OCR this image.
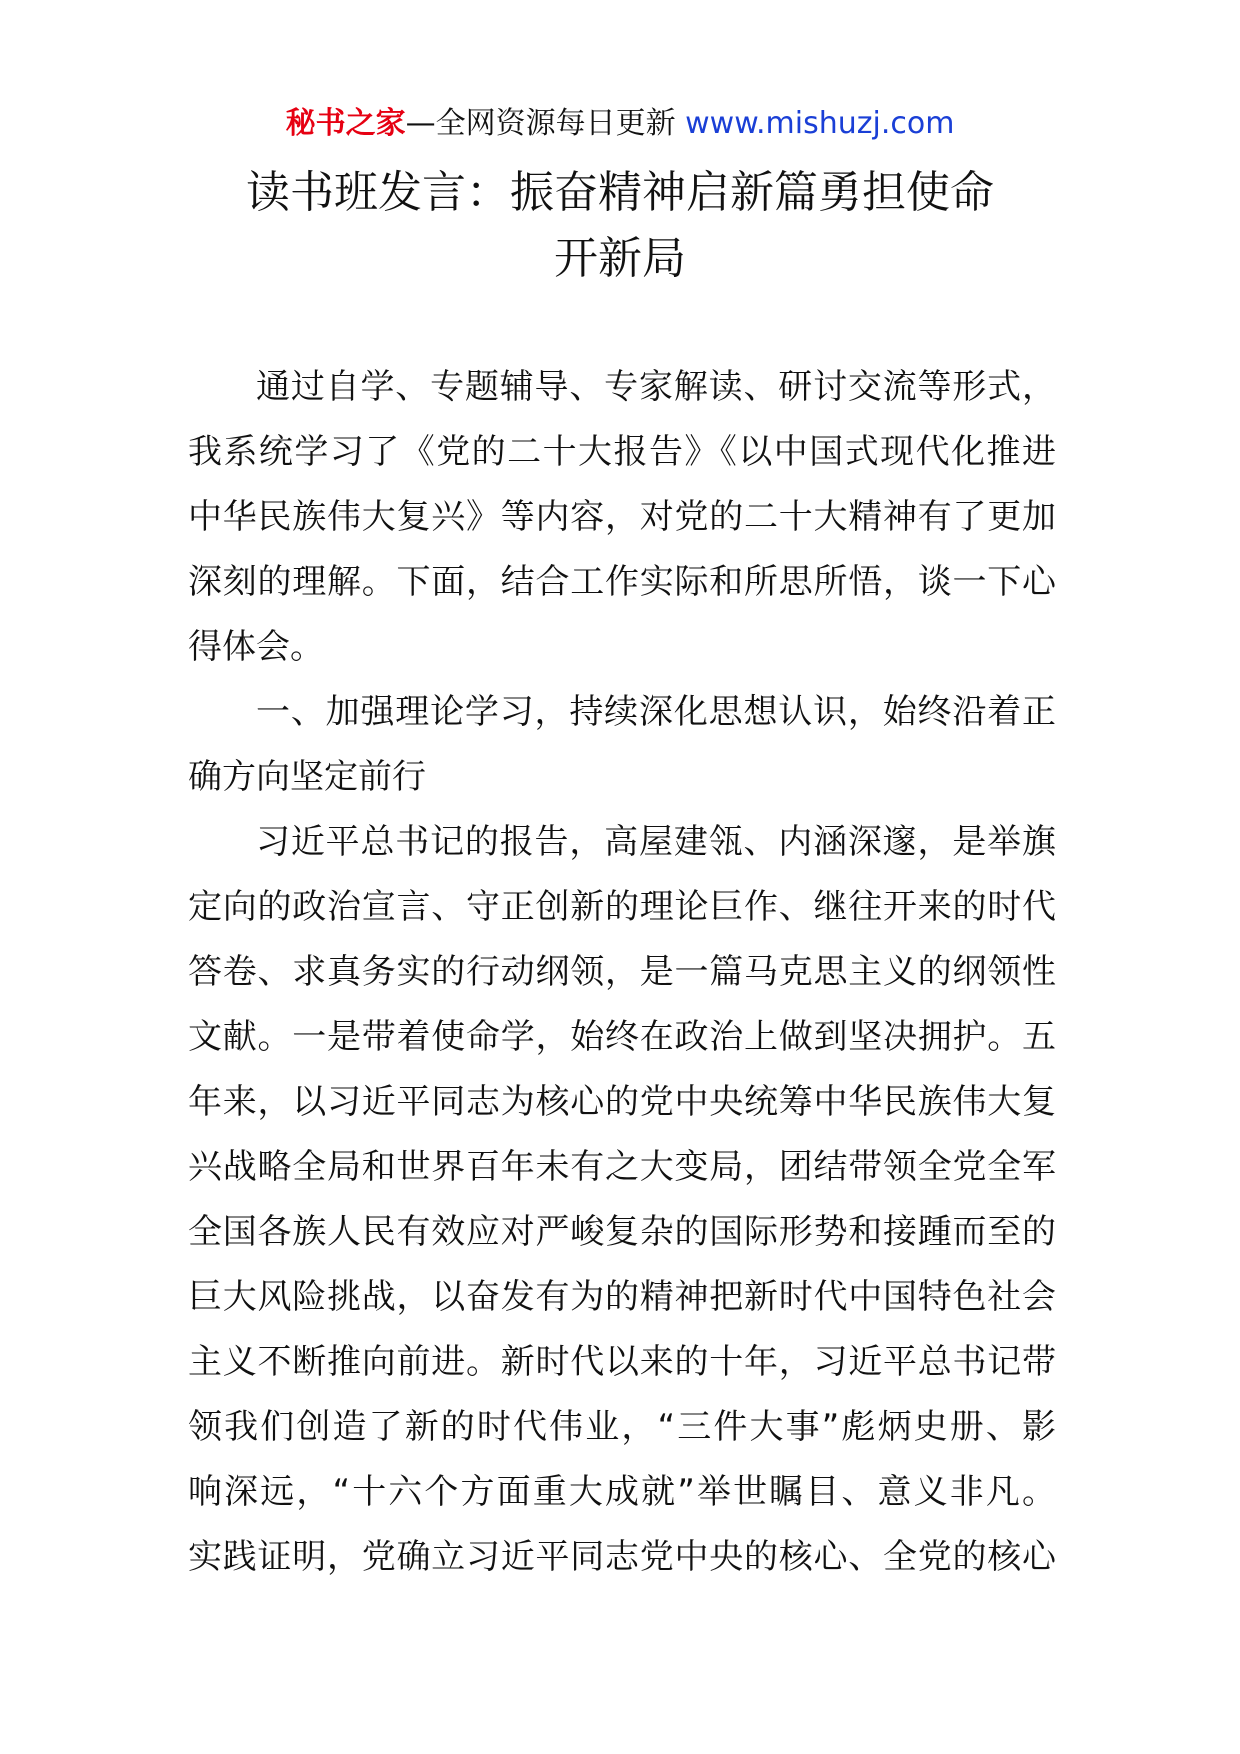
秘书之家—全网资源每日更新 www.mishuzj.com
读书班发言：振奋精神启新篇勇担使命
开新局
通过自学、专题辅导、专家解读、研讨交流等形式，
我系统学习了《党的二十大报告》《以中国式现代化推进
中华民族伟大复兴》等内容，对党的二十大精神有了更加
深刻的理解。下面，结合工作实际和所思所悟，谈一下心
得体会。
一、加强理论学习，持续深化思想认识，始终沿着正
确方向坚定前行
习近平总书记的报告，高屋建瓴、内涵深邃，是举旗
定向的政治宣言、守正创新的理论巨作、继往开来的时代
答卷、求真务实的行动纲领，是一篇马克思主义的纲领性
文献。一是带着使命学，始终在政治上做到坚决拥护。五
年来，以习近平同志为核心的党中央统筹中华民族伟大复
兴战略全局和世界百年未有之大变局，团结带领全党全军
全国各族人民有效应对严峻复杂的国际形势和接踵而至的
巨大风险挑战，以奋发有为的精神把新时代中国特色社会
主义不断推向前进。新时代以来的十年，习近平总书记带
领我们创造了新的时代伟业，“三件大事”彪炳史册、影
响深远，“十六个方面重大成就”举世瞩目、意义非凡。
实践证明，党确立习近平同志党中央的核心、全党的核心
